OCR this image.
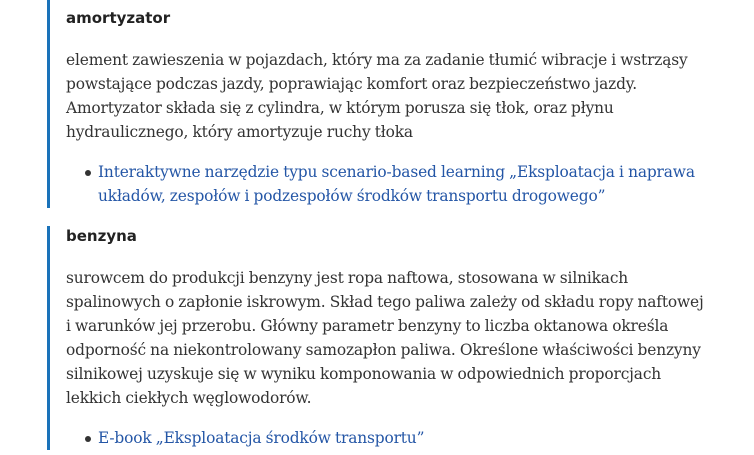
amortyzator

element zawieszenia w pojazdach, który ma za zadanie tłumić wibracje i wstrząsy powstające podczas jazdy, poprawiając komfort oraz bezpieczeństwo jazdy. Amortyzator składa się z cylindra, w którym porusza się tłok, oraz płynu hydraulicznego, który amortyzuje ruchy tłoka

Interaktywne narzędzie typu scenario-based learning „Eksploatacja i naprawa układów, zespołów i podzespołów środków transportu drogowego”
benzyna

surowcem do produkcji benzyny jest ropa naftowa, stosowana w silnikach spalinowych o zapłonie iskrowym. Skład tego paliwa zależy od składu ropy naftowej i warunków jej przerobu. Główny parametr benzyny to liczba oktanowa określa odporność na niekontrolowany samozapłon paliwa. Określone właściwości benzyny silnikowej uzyskuje się w wyniku komponowania w odpowiednich proporcjach lekkich ciekłych węglowodorów.

E-book „Eksploatacja środków transportu”
